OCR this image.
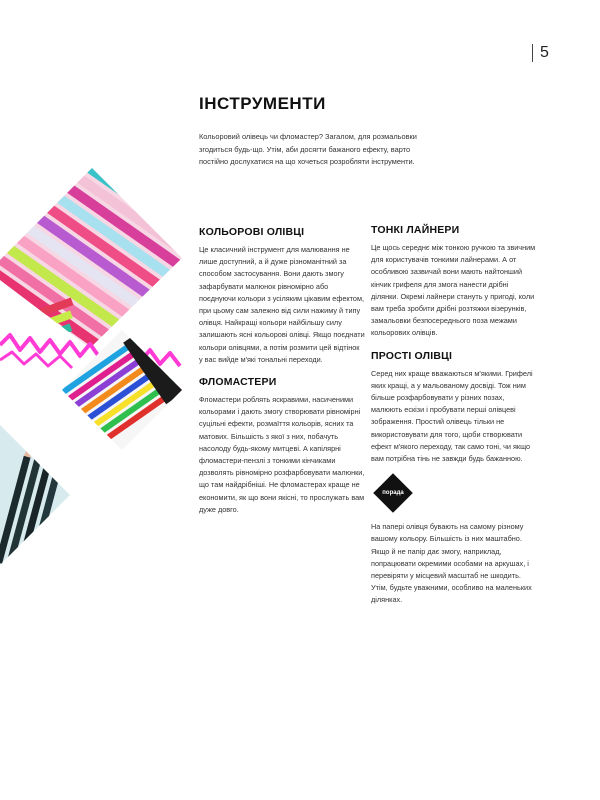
5
ІНСТРУМЕНТИ
Кольоровий олівець чи фломастер? Загалом, для розмальовки згодиться будь-що. Утім, аби досягти бажаного ефекту, варто постійно дослухатися на що хочеться розробляти інструменти.
КОЛЬОРОВІ ОЛІВЦІ

Це класичний інструмент для малювання не лише доступний, а й дуже різноманітний за способом застосування. Вони дають змогу зафарбувати малюнок рівномірно або поєднуючи кольори з усіляким цікавим ефектом, при цьому сам залежно від сили нажиму й типу олівця. Найкращі кольори найбільшу силу залишають ясні кольорові олівці. Якщо поєднати кольори олівцями, а потім розмити цей відтінок у вас вийде м'які тональні переходи.

ФЛОМАСТЕРИ

Фломастери роблять яскравими, насиченими кольорами і дають змогу створювати рівномірні суцільні ефекти, розмаїття кольорів, ясних та матових. Більшість з якої з них, побачуть насолоду будь-якому митцеві. А капілярні фломастери-пензлі з тонкими кінчиками дозволять рівномірно розфарбовувати малюнки, що там найдрібніші. Не фломастерах краще не економити, як що вони якісні, то прослужать вам дуже довго.

ТОНКІ ЛАЙНЕРИ

Це щось середнє між тонкою ручкою та звичним для користувачів тонкими лайнерами. А от особливою зазвичай вони мають найтонший кінчик грифеля для змога нанести дрібні ділянки. Окремі лайнери стануть у пригоді, коли вам треба зробити дрібні розтяжки візерунків, замальовки безпосереднього поза межами кольорових олівців.

ПРОСТІ ОЛІВЦІ

Серед них краще вважаються м'якими. Грифелі яких кращі, а у мальованому досвіді. Тож ним більше розфарбовувати у різних позах, малюють ескізи і пробувати перші олівцеві зображення. Простий олівець тільки не використовувати для того, щоби створювати ефект м'якого переходу, так само тоні, чи якщо вам потрібна тінь не завжди будь бажанною.

порада

На папері олівця бувають на самому різному вашому кольору. Більшість із них маштабно. Якщо й не папір дає змогу, наприклад, попрацювати окремими особами на аркушах, і перевіряти у місцевий масштаб не шкодить. Утім, будьте уважними, особливо на маленьких ділянках.
